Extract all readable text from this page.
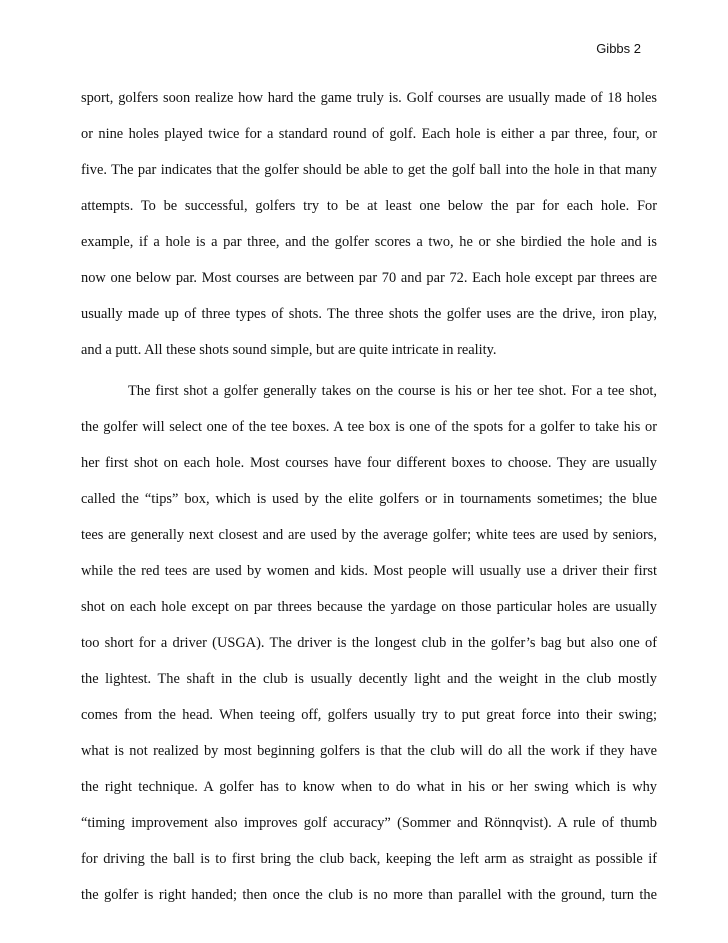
Gibbs 2
sport, golfers soon realize how hard the game truly is. Golf courses are usually made of 18 holes
or nine holes played twice for a standard round of golf. Each hole is either a par three, four, or
five. The par indicates that the golfer should be able to get the golf ball into the hole in that many
attempts. To be successful, golfers try to be at least one below the par for each hole. For
example, if a hole is a par three, and the golfer scores a two, he or she birdied the hole and is
now one below par. Most courses are between par 70 and par 72. Each hole except par threes are
usually made up of three types of shots. The three shots the golfer uses are the drive, iron play,
and a putt. All these shots sound simple, but are quite intricate in reality.
The first shot a golfer generally takes on the course is his or her tee shot. For a tee shot,
the golfer will select one of the tee boxes. A tee box is one of the spots for a golfer to take his or
her first shot on each hole. Most courses have four different boxes to choose. They are usually
called the “tips” box, which is used by the elite golfers or in tournaments sometimes; the blue
tees are generally next closest and are used by the average golfer; white tees are used by seniors,
while the red tees are used by women and kids. Most people will usually use a driver their first
shot on each hole except on par threes because the yardage on those particular holes are usually
too short for a driver (USGA). The driver is the longest club in the golfer’s bag but also one of
the lightest. The shaft in the club is usually decently light and the weight in the club mostly
comes from the head. When teeing off, golfers usually try to put great force into their swing;
what is not realized by most beginning golfers is that the club will do all the work if they have
the right technique. A golfer has to know when to do what in his or her swing which is why
“timing improvement also improves golf accuracy” (Sommer and Rönnqvist). A rule of thumb
for driving the ball is to first bring the club back, keeping the left arm as straight as possible if
the golfer is right handed; then once the club is no more than parallel with the ground, turn the
